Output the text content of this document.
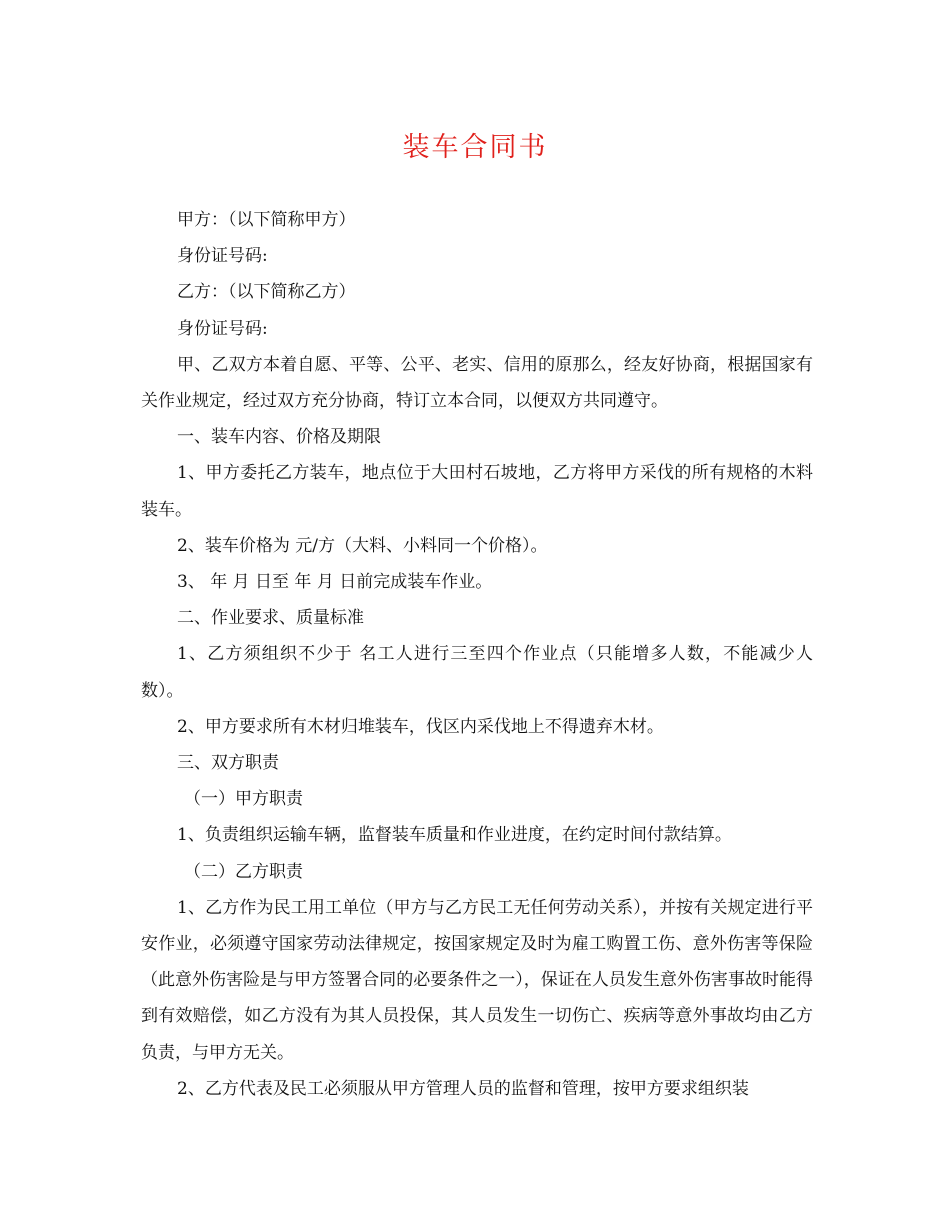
装车合同书

甲方：（以下简称甲方）

身份证号码:

乙方：（以下简称乙方）

身份证号码:

甲、乙双方本着自愿、平等、公平、老实、信用的原那么，经友好协商，根据国家有关作业规定，经过双方充分协商，特订立本合同，以便双方共同遵守。

一、装车内容、价格及期限

1、甲方委托乙方装车，地点位于大田村石坡地，乙方将甲方采伐的所有规格的木料装车。

2、装车价格为 元/方（大料、小料同一个价格）。

3、 年 月 日至 年 月 日前完成装车作业。

二、作业要求、质量标准

1、乙方须组织不少于 名工人进行三至四个作业点（只能增多人数，不能减少人数）。

2、甲方要求所有木材归堆装车，伐区内采伐地上不得遗弃木材。

三、双方职责

（一）甲方职责

1、负责组织运输车辆，监督装车质量和作业进度，在约定时间付款结算。

（二）乙方职责

1、乙方作为民工用工单位（甲方与乙方民工无任何劳动关系），并按有关规定进行平安作业，必须遵守国家劳动法律规定，按国家规定及时为雇工购置工伤、意外伤害等保险（此意外伤害险是与甲方签署合同的必要条件之一），保证在人员发生意外伤害事故时能得到有效赔偿，如乙方没有为其人员投保，其人员发生一切伤亡、疾病等意外事故均由乙方负责，与甲方无关。

2、乙方代表及民工必须服从甲方管理人员的监督和管理，按甲方要求组织装
